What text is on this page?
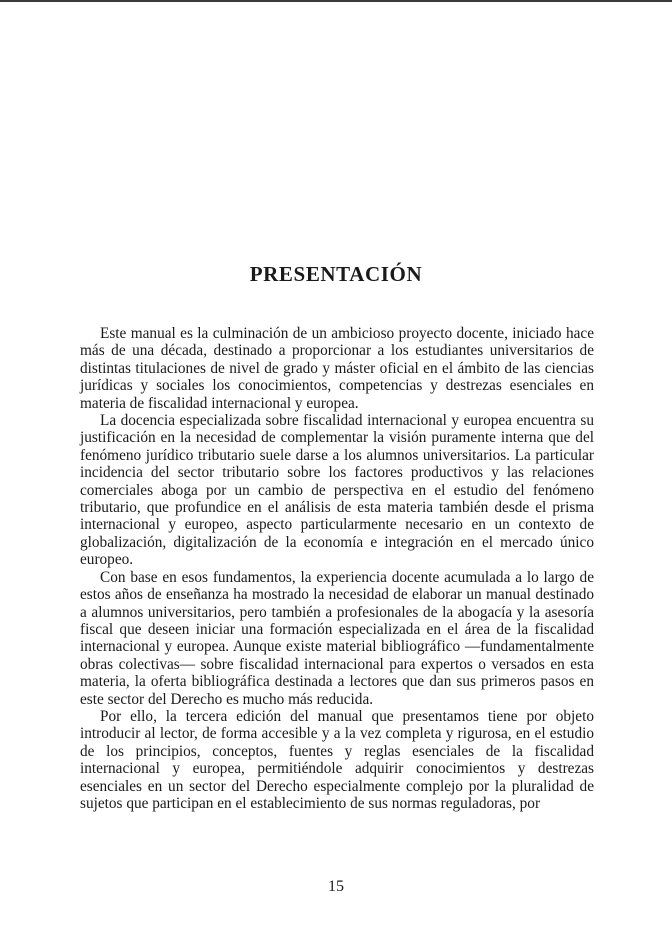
PRESENTACIÓN

Este manual es la culminación de un ambicioso proyecto docente, iniciado hace más de una década, destinado a proporcionar a los estudiantes universitarios de distintas titulaciones de nivel de grado y máster oficial en el ámbito de las ciencias jurídicas y sociales los conocimientos, competencias y destrezas esenciales en materia de fiscalidad internacional y europea.

La docencia especializada sobre fiscalidad internacional y europea encuentra su justificación en la necesidad de complementar la visión puramente interna que del fenómeno jurídico tributario suele darse a los alumnos universitarios. La particular incidencia del sector tributario sobre los factores productivos y las relaciones comerciales aboga por un cambio de perspectiva en el estudio del fenómeno tributario, que profundice en el análisis de esta materia también desde el prisma internacional y europeo, aspecto particularmente necesario en un contexto de globalización, digitalización de la economía e integración en el mercado único europeo.

Con base en esos fundamentos, la experiencia docente acumulada a lo largo de estos años de enseñanza ha mostrado la necesidad de elaborar un manual destinado a alumnos universitarios, pero también a profesionales de la abogacía y la asesoría fiscal que deseen iniciar una formación especializada en el área de la fiscalidad internacional y europea. Aunque existe material bibliográfico —fundamentalmente obras colectivas— sobre fiscalidad internacional para expertos o versados en esta materia, la oferta bibliográfica destinada a lectores que dan sus primeros pasos en este sector del Derecho es mucho más reducida.

Por ello, la tercera edición del manual que presentamos tiene por objeto introducir al lector, de forma accesible y a la vez completa y rigurosa, en el estudio de los principios, conceptos, fuentes y reglas esenciales de la fiscalidad internacional y europea, permitiéndole adquirir conocimientos y destrezas esenciales en un sector del Derecho especialmente complejo por la pluralidad de sujetos que participan en el establecimiento de sus normas reguladoras, por

15
